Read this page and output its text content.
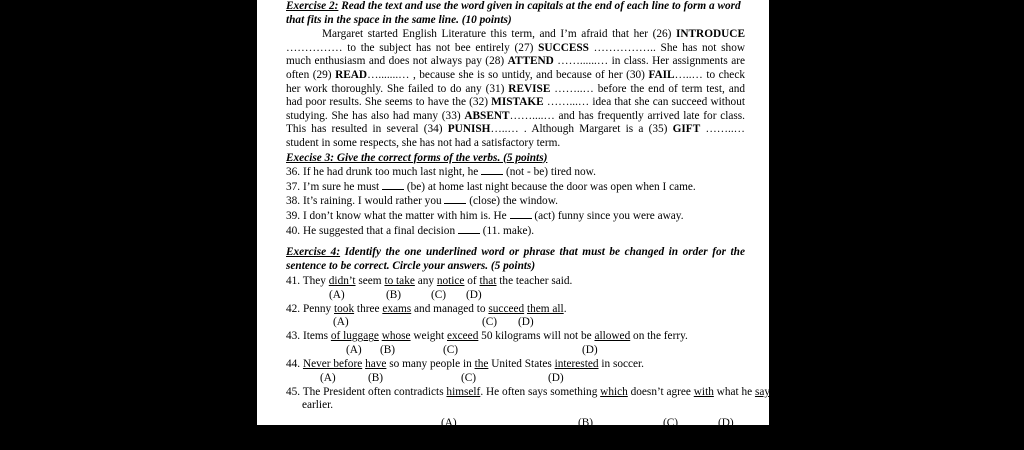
Exercise 2: Read the text and use the word given in capitals at the end of each line to form a word that fits in the space in the same line. (10 points)

Margaret started English Literature this term, and I’m afraid that her (26) INTRODUCE …………… to the subject has not bee entirely (27) SUCCESS …………….. She has not show much enthusiasm and does not always pay (28) ATTEND ……......… in class. Her assignments are often (29) READ….......… , because she is so untidy, and because of her (30) FAIL…..… to check her work thoroughly. She failed to do any (31) REVISE ……..… before the end of term test, and had poor results. She seems to have the (32) MISTAKE ……...… idea that she can succeed without studying. She has also had many (33) ABSENT……....… and has frequently arrived late for class. This has resulted in several (34) PUNISH…..… . Although Margaret is a (35) GIFT ……..… student in some respects, she has not had a satisfactory term.

Execise 3: Give the correct forms of the verbs. (5 points)

36. If he had drunk too much last night, he  (not - be) tired now.

37. I’m sure he must  (be) at home last night because the door was open when I came.

38. It’s raining. I would rather you  (close) the window.

39. I don’t know what the matter with him is. He  (act) funny since you were away.

40. He suggested that a final decision  (11. make).

Exercise 4: Identify the one underlined word or phrase that must be changed in order for the sentence to be correct. Circle your answers. (5 points)

41. They didn’t seem to take any notice of that the teacher said.

(A)	(B)	(C) (D)

42. Penny took three exams and managed to succeed them all.

(A)	(C) (D)

43. Items of luggage whose weight exceed 50 kilograms will not be allowed on the ferry.

(A) (B)	(C)	(D)

44. Never before have so many people in the United States interested in soccer.

(A)	(B)	(C)	(D)

45. The President often contradicts himself. He often says something which doesn’t agree with what he says

earlier.

(A)	(B)	(C)	(D)
PART C. READING
